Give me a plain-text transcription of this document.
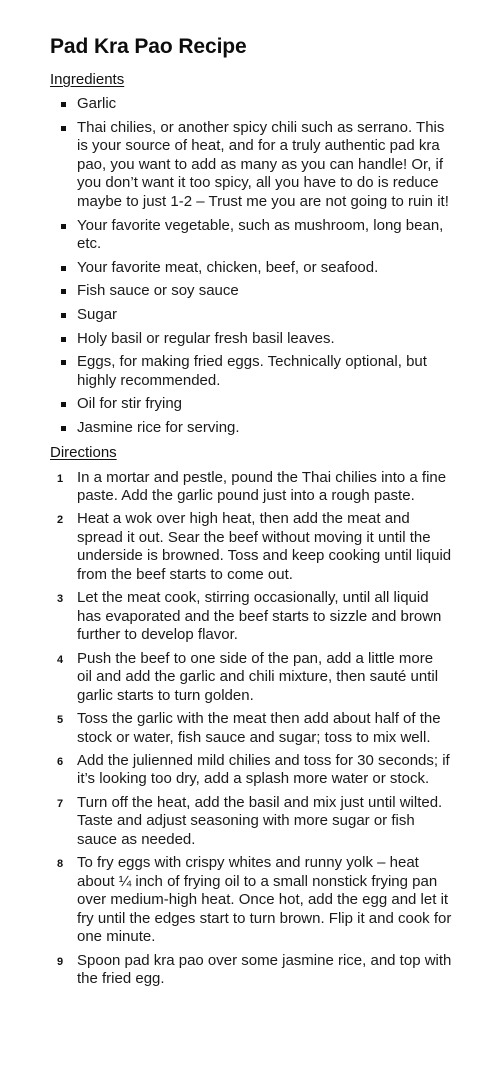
Pad Kra Pao Recipe
Ingredients
Garlic
Thai chilies, or another spicy chili such as serrano. This is your source of heat, and for a truly authentic pad kra pao, you want to add as many as you can handle! Or, if you don’t want it too spicy, all you have to do is reduce maybe to just 1-2 – Trust me you are not going to ruin it!
Your favorite vegetable, such as mushroom, long bean, etc.
Your favorite meat, chicken, beef, or seafood.
Fish sauce or soy sauce
Sugar
Holy basil or regular fresh basil leaves.
Eggs, for making fried eggs. Technically optional, but highly recommended.
Oil for stir frying
Jasmine rice for serving.
Directions
1 In a mortar and pestle, pound the Thai chilies into a fine paste. Add the garlic pound just into a rough paste.
2 Heat a wok over high heat, then add the meat and spread it out. Sear the beef without moving it until the underside is browned. Toss and keep cooking until liquid from the beef starts to come out.
3 Let the meat cook, stirring occasionally, until all liquid has evaporated and the beef starts to sizzle and brown further to develop flavor.
4 Push the beef to one side of the pan, add a little more oil and add the garlic and chili mixture, then sauté until garlic starts to turn golden.
5 Toss the garlic with the meat then add about half of the stock or water, fish sauce and sugar; toss to mix well.
6 Add the julienned mild chilies and toss for 30 seconds; if it’s looking too dry, add a splash more water or stock.
7 Turn off the heat, add the basil and mix just until wilted. Taste and adjust seasoning with more sugar or fish sauce as needed.
8 To fry eggs with crispy whites and runny yolk – heat about ¼ inch of frying oil to a small nonstick frying pan over medium-high heat. Once hot, add the egg and let it fry until the edges start to turn brown. Flip it and cook for one minute.
9 Spoon pad kra pao over some jasmine rice, and top with the fried egg.
